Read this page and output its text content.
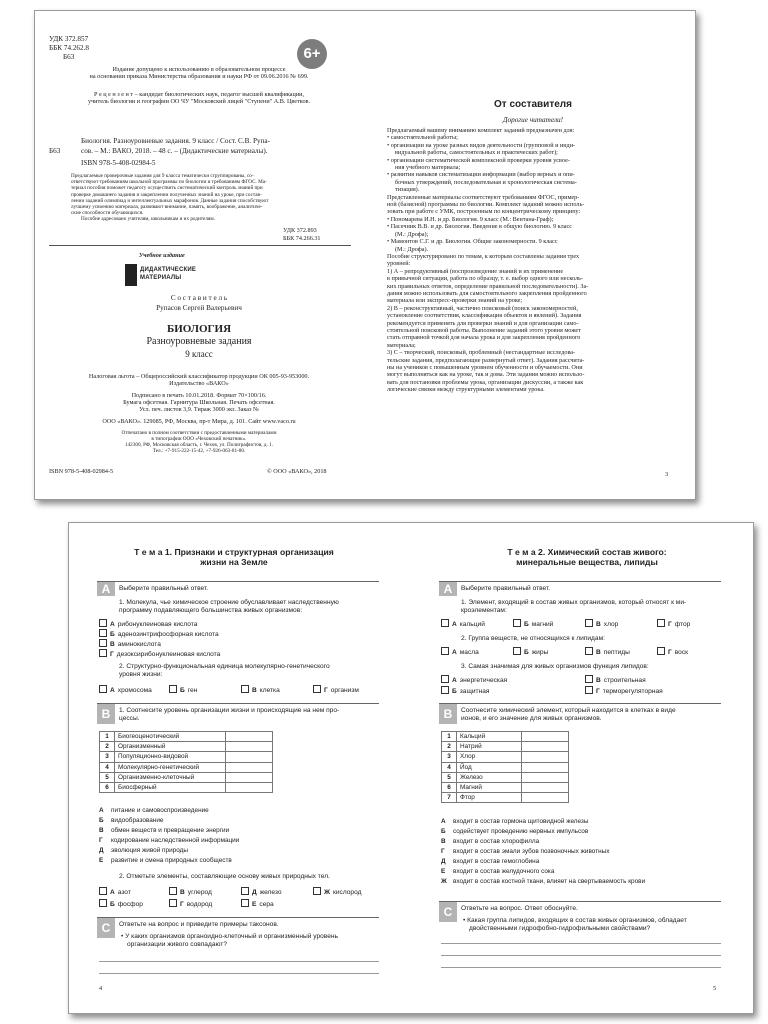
УДК 372.857
ББК 74.262.8
Б63	6+
Издание допущено к использованию в образовательном процессе
на основании приказа Министерства образования и науки РФ от 09.06.2016 № 699.
Р е ц е н з е н т – кандидат биологических наук, педагог высшей квалификации,
учитель биологии и географии ОО ЧУ "Московский лицей "Ступени" А.В. Цветков.
Б63
Биология. Разноуровневые задания. 9 класс / Сост. С.В. Рупа-
сов. – М.: ВАКО, 2018. – 48 с. – (Дидактические материалы).
ISBN 978-5-408-02984-5
Предлагаемые проверочные задания для 9 класса тематически сгруппированы, со-
ответствуют требованиям школьной программы по биологии и требованиям ФГОС. Ма-
териал пособия поможет педагогу осуществить систематический контроль знаний при
проверке домашнего задания и закреплении полученных знаний на уроке, при состав-
лении заданий олимпиад и интеллектуальных марафонов. Данные задания способствуют
лучшему усвоению материала, развивают внимание, память, воображение, аналитиче-
ские способности обучающихся.
Пособие адресовано учителям, школьникам и их родителям.
УДК 372.893
ББК 74.266.31
Учебное издание
ДИДАКТИЧЕСКИЕ
МАТЕРИАЛЫ
С о с т а в и т е л ь
Рупасов Сергей Валерьевич
БИОЛОГИЯ
Разноуровневые задания
9 класс
Налоговая льгота – Общероссийский классификатор продукции ОК 005-93-953000.
Издательство «ВАКО»
Подписано в печать 10.01.2018. Формат 70×100/16.
Бумага офсетная. Гарнитура Школьная. Печать офсетная.
Усл. печ. листов 3,9. Тираж 3000 экз. Заказ №
ООО «ВАКО». 129085, РФ, Москва, пр-т Мира, д. 101. Сайт www.vaco.ru
Отпечатано в полном соответствии с предоставленными материалами
в типографии ООО «Чеховский печатник».
142300, РФ, Московская область, г. Чехов, ул. Полиграфистов, д. 1.
Тел.: +7-915-222-15-42, +7-926-063-81-80.
ISBN 978-5-408-02984-5	© ООО «ВАКО», 2018
От составителя
Дорогие читатели!
Предлагаемый вашему вниманию комплект заданий предназначен для:
• самостоятельной работы;
• организации на уроке разных видов деятельности (групповой и инди-
видуальной работы, самостоятельных и практических работ);
• организации систематической комплексной проверки уровня усвое-
ния учебного материала;
• развития навыков систематизации информации (выбор верных и опи-
бочных утверждений, последовательная и хронологическая система-
тизация).
Представленные материалы соответствуют требованиям ФГОС, пример-
ной (базисной) программы по биологии. Комплект заданий можно исполь-
зовать при работе с УМК, построенным по концентрическому принципу:
• Пономарева И.Н. и др. Биология. 9 класс (М.: Вентана-Граф);
• Пасечник В.В. и др. Биология. Введение в общую биологию. 9 класс
(М.: Дрофа);
• Мамонтов С.Г. и др. Биология. Общие закономерности. 9 класс
(М.: Дрофа).
Пособие структурировано по темам, к которым составлены задания трех
уровней:
1) А – репродуктивный (воспроизведение знаний и их применение
в привычной ситуации, работа по образцу, т. е. выбор одного или несколь-
ких правильных ответов, определение правильной последовательности). За-
дания можно использовать для самостоятельного закрепления пройденного
материала или экспресс-проверки знаний на уроке;
2) В – реконструктивный, частично поисковый (поиск закономерностей,
установление соответствия, классификация объектов и явлений). Задания
рекомендуется применять для проверки знаний и для организации само-
стоятельной поисковой работы. Выполнение заданий этого уровня может
стать отправной точкой для начала урока и для закрепления пройденного
материала;
3) С – творческий, поисковый, проблемный (нестандартные исследова-
тельские задания, предполагающие развернутый ответ). Задания рассчита-
ны на учеников с повышенным уровнем обученности и обучаемости. Они
могут выполняться как на уроке, так и дома. Эти задания можно использо-
вать для постановки проблемы урока, организации дискуссии, а также как
логические связки между структурными элементами урока.
3
Т е м а 1. Признаки и структурная организация
жизни на Земле
А	Выберите правильный ответ.
1. Молекула, чье химическое строение обуславливает наследственную
программу подавляющего большинства живых организмов:
А рибонуклеиновая кислота
Б аденозинтрифосфорная кислота
В аминокислота
Г дезоксирибонуклеиновая кислота
2. Структурно-функциональная единица молекулярно-генетического
уровня жизни:
А хромосома	Б ген	В клетка	Г организм
В	1. Соотнесите уровень организации жизни и происходящие на нем про-
цессы.
1	Биогеоценотический	
2	Организменный	
3	Популяционно-видовой	
4	Молекулярно-генетический	
5	Организменно-клеточный	
6	Биосферный	
А питание и самовоспроизведение
Б видообразование
В обмен веществ и превращение энергии
Г кодирование наследственной информации
Д эволюция живой природы
Е развитие и смена природных сообществ
2. Отметьте элементы, составляющие основу живых природных тел.
А азот	В углерод	Д железо	Ж кислород
Б фосфор	Г водород	Е сера
С	Ответьте на вопрос и приведите примеры таксонов.
• У каких организмов органоидно-клеточный и организменный уровень
организации живого совпадают?
4
Т е м а 2. Химический состав живого:
минеральные вещества, липиды
А	Выберите правильный ответ.
1. Элемент, входящий в состав живых организмов, который относят к ми-
кроэлементам:
А кальций	Б магний	В хлор	Г фтор
2. Группа веществ, не относящихся к липидам:
А масла	Б жиры	В пептиды	Г воск
3. Самая значимая для живых организмов функция липидов:
А энергетическая	В строительная
Б защитная	Г терморегуляторная
В	Соотнесите химический элемент, который находится в клетках в виде
ионов, и его значение для живых организмов.
1	Кальций	
2	Натрий	
3	Хлор	
4	Йод	
5	Железо	
6	Магний	
7	Фтор	
А входит в состав гормона щитовидной железы
Б содействует проведению нервных импульсов
В входит в состав хлорофилла
Г входит в состав эмали зубов позвоночных животных
Д входит в состав гемоглобина
Е входит в состав желудочного сока
Ж входит в состав костной ткани, влияет на свертываемость крови
С	Ответьте на вопрос. Ответ обоснуйте.
• Какая группа липидов, входящих в состав живых организмов, обладает
двойственными гидрофобно-гидрофильными свойствами?
5
